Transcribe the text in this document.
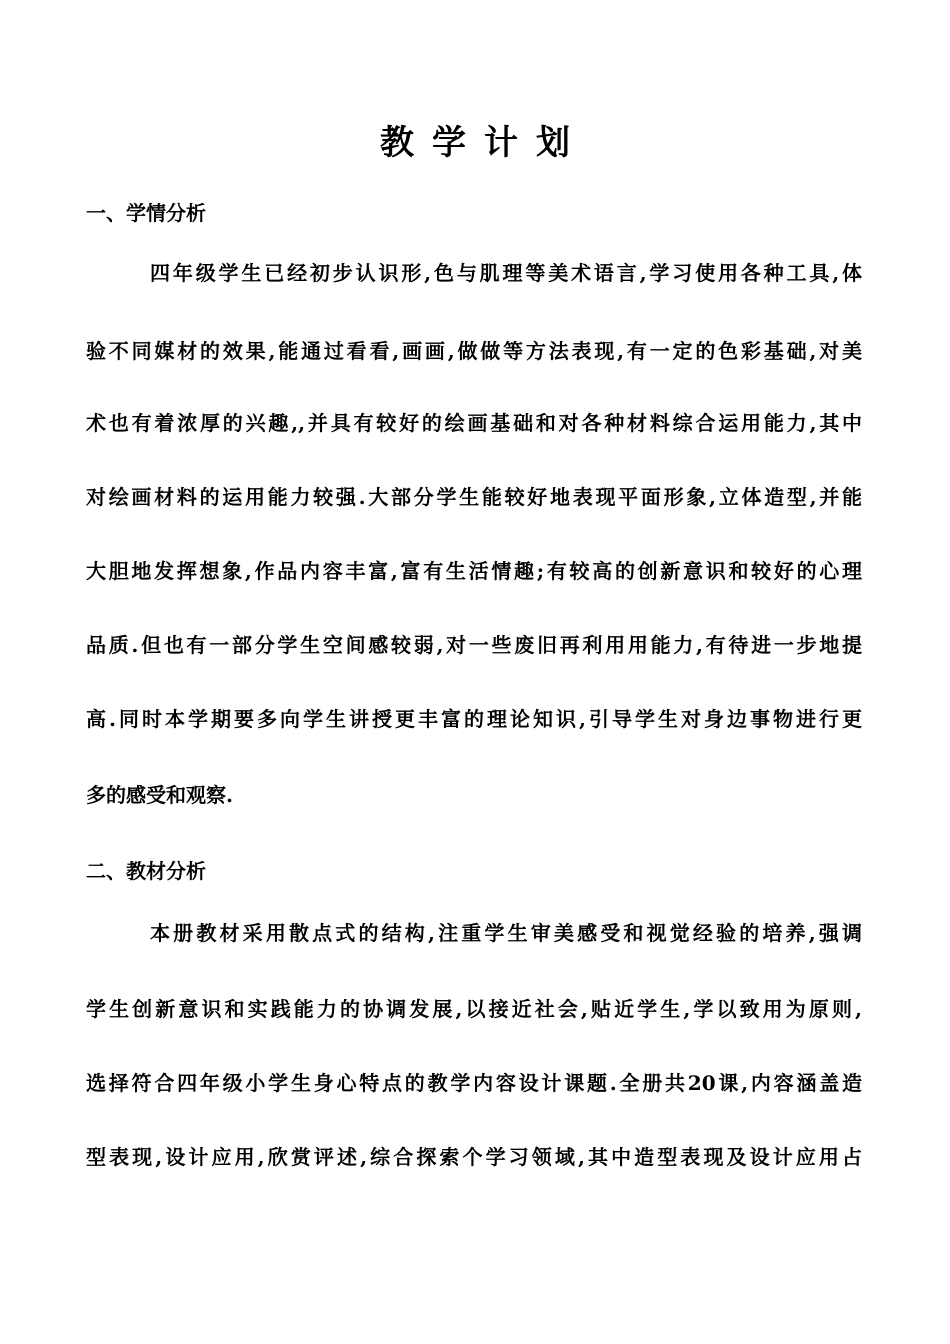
教学计划
一、学情分析
四年级学生已经初步认识形,色与肌理等美术语言,学习使用各种工具,体
验不同媒材的效果,能通过看看,画画,做做等方法表现,有一定的色彩基础,对美
术也有着浓厚的兴趣,,并具有较好的绘画基础和对各种材料综合运用能力,其中
对绘画材料的运用能力较强.大部分学生能较好地表现平面形象,立体造型,并能
大胆地发挥想象,作品内容丰富,富有生活情趣;有较高的创新意识和较好的心理
品质.但也有一部分学生空间感较弱,对一些废旧再利用用能力,有待进一步地提
高.同时本学期要多向学生讲授更丰富的理论知识,引导学生对身边事物进行更
多的感受和观察.
二、教材分析
本册教材采用散点式的结构,注重学生审美感受和视觉经验的培养,强调
学生创新意识和实践能力的协调发展,以接近社会,贴近学生,学以致用为原则,
选择符合四年级小学生身心特点的教学内容设计课题.全册共20课,内容涵盖造
型表现,设计应用,欣赏评述,综合探索个学习领域,其中造型表现及设计应用占
